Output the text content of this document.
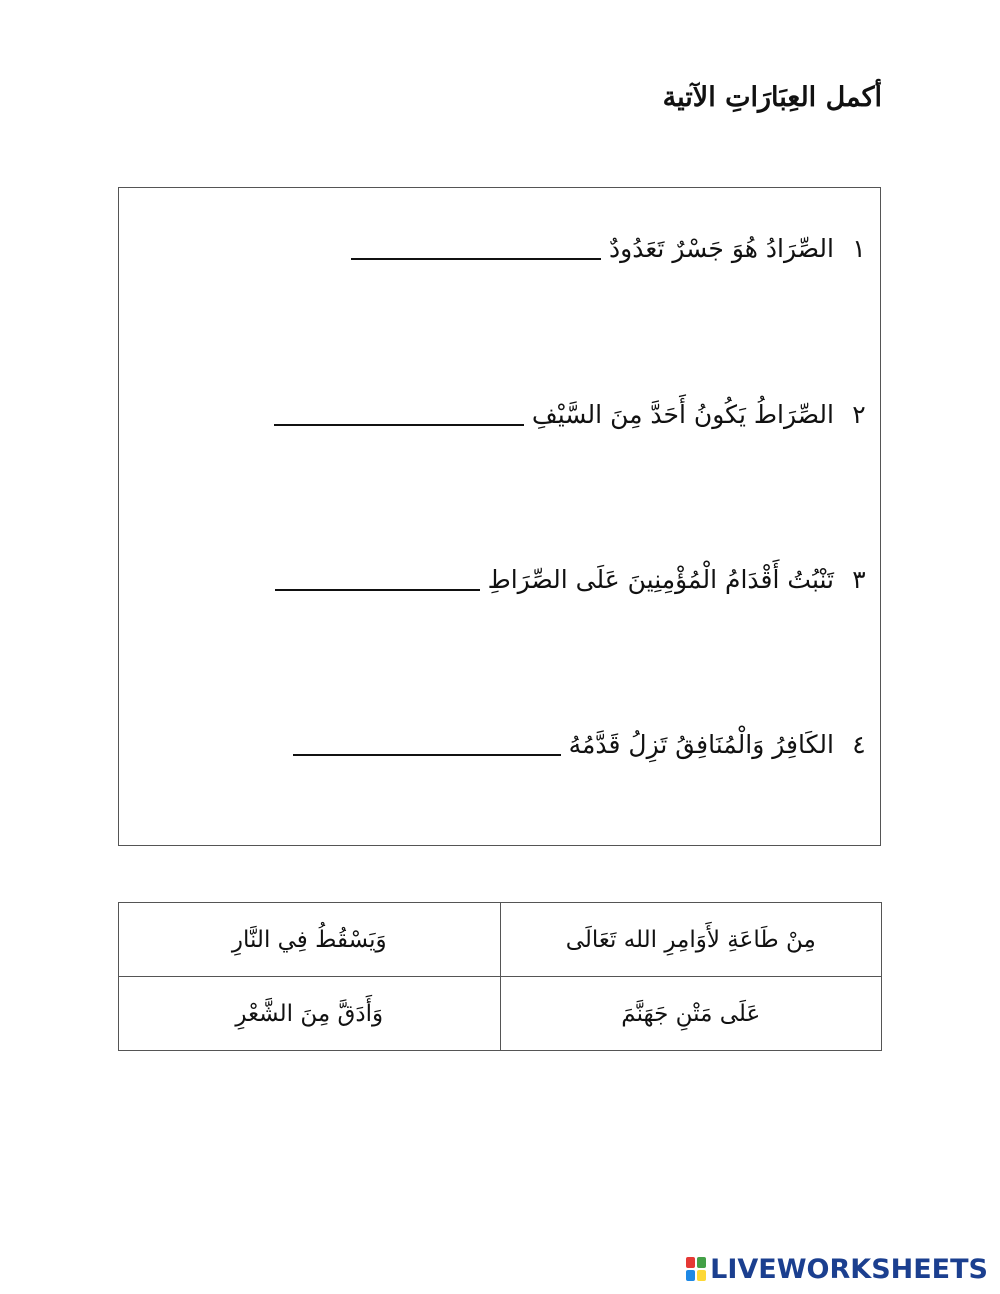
أكمل العِبَارَاتِ الآتية
١
الصِّرَادُ هُوَ جَسْرٌ تَعَدُودٌ
٢
الصِّرَاطُ يَكُونُ أَحَدَّ مِنَ السَّيْفِ
٣
تَنْبُتُ أَقْدَامُ الْمُؤْمِنِينَ عَلَى الصِّرَاطِ
٤
الكَافِرُ وَالْمُنَافِقُ تَزِلُ قَدَّمُهُ
مِنْ طَاعَةِ لأَوَامِرِ الله تَعَالَى	وَيَسْقُطُ فِي النَّارِ
عَلَى مَتْنِ جَهَنَّمَ	وَأَدَقَّ مِنَ الشَّعْرِ
LIVEWORKSHEETS
